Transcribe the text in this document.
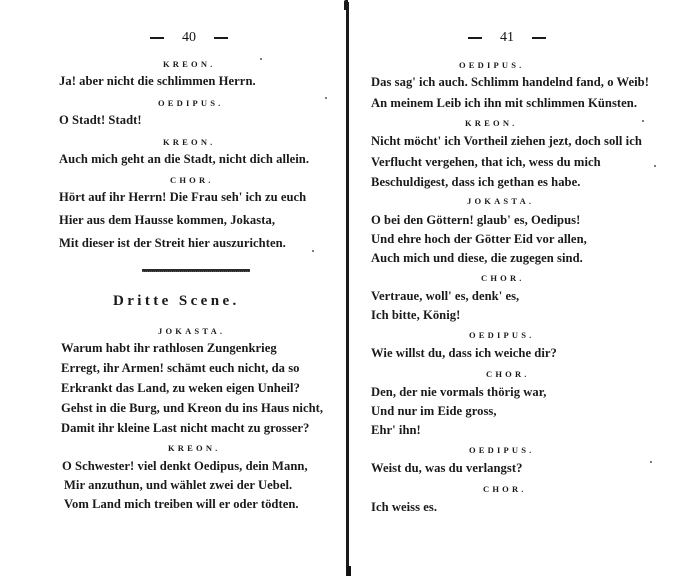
40
KREON.
Ja! aber nicht die schlimmen Herrn.
OEDIPUS.
O Stadt! Stadt!
KREON.
Auch mich geht an die Stadt, nicht dich allein.
CHOR.
Hört auf ihr Herrn! Die Frau seh' ich zu euch
Hier aus dem Hausse kommen, Jokasta,
Mit dieser ist der Streit hier auszurichten.
Dritte Scene.
JOKASTA.
Warum habt ihr rathlosen Zungenkrieg
Erregt, ihr Armen! schämt euch nicht, da so
Erkrankt das Land, zu weken eigen Unheil?
Gehst in die Burg, und Kreon du ins Haus nicht,
Damit ihr kleine Last nicht macht zu grosser?
KREON.
O Schwester! viel denkt Oedipus, dein Mann,
Mir anzuthun, und wählet zwei der Uebel.
Vom Land mich treiben will er oder tödten.
41
OEDIPUS.
Das sag' ich auch. Schlimm handelnd fand, o Weib!
An meinem Leib ich ihn mit schlimmen Künsten.
KREON.
Nicht möcht' ich Vortheil ziehen jezt, doch soll ich
Verflucht vergehen, that ich, wess du mich
Beschuldigest, dass ich gethan es habe.
JOKASTA.
O bei den Göttern! glaub' es, Oedipus!
Und ehre hoch der Götter Eid vor allen,
Auch mich und diese, die zugegen sind.
CHOR.
Vertraue, woll' es, denk' es,
Ich bitte, König!
OEDIPUS.
Wie willst du, dass ich weiche dir?
CHOR.
Den, der nie vormals thörig war,
Und nur im Eide gross,
Ehr' ihn!
OEDIPUS.
Weist du, was du verlangst?
CHOR.
Ich weiss es.
